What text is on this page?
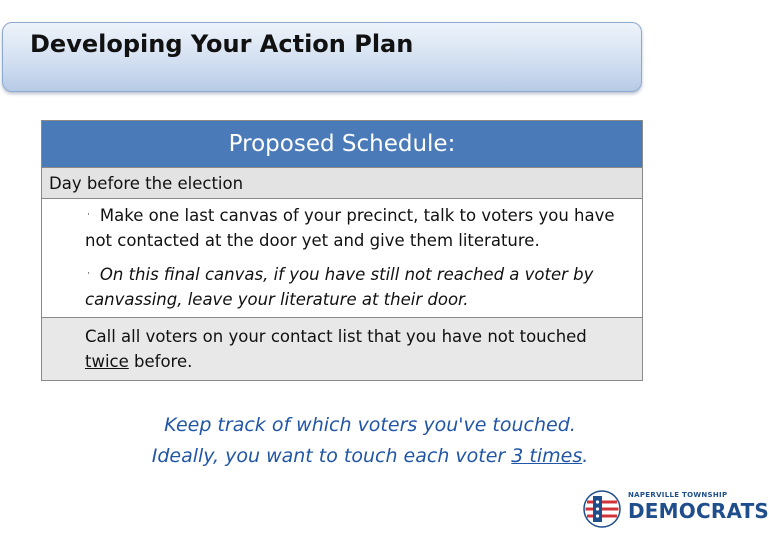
Developing Your Action Plan
Proposed Schedule:
Day before the election
· Make one last canvas of your precinct, talk to voters you have not contacted at the door yet and give them literature.
· On this final canvas, if you have still not reached a voter by canvassing, leave your literature at their door.
Call all voters on your contact list that you have not touched twice before.
Keep track of which voters you've touched.
Ideally, you want to touch each voter 3 times.
NAPERVILLE TOWNSHIP
DEMOCRATS
